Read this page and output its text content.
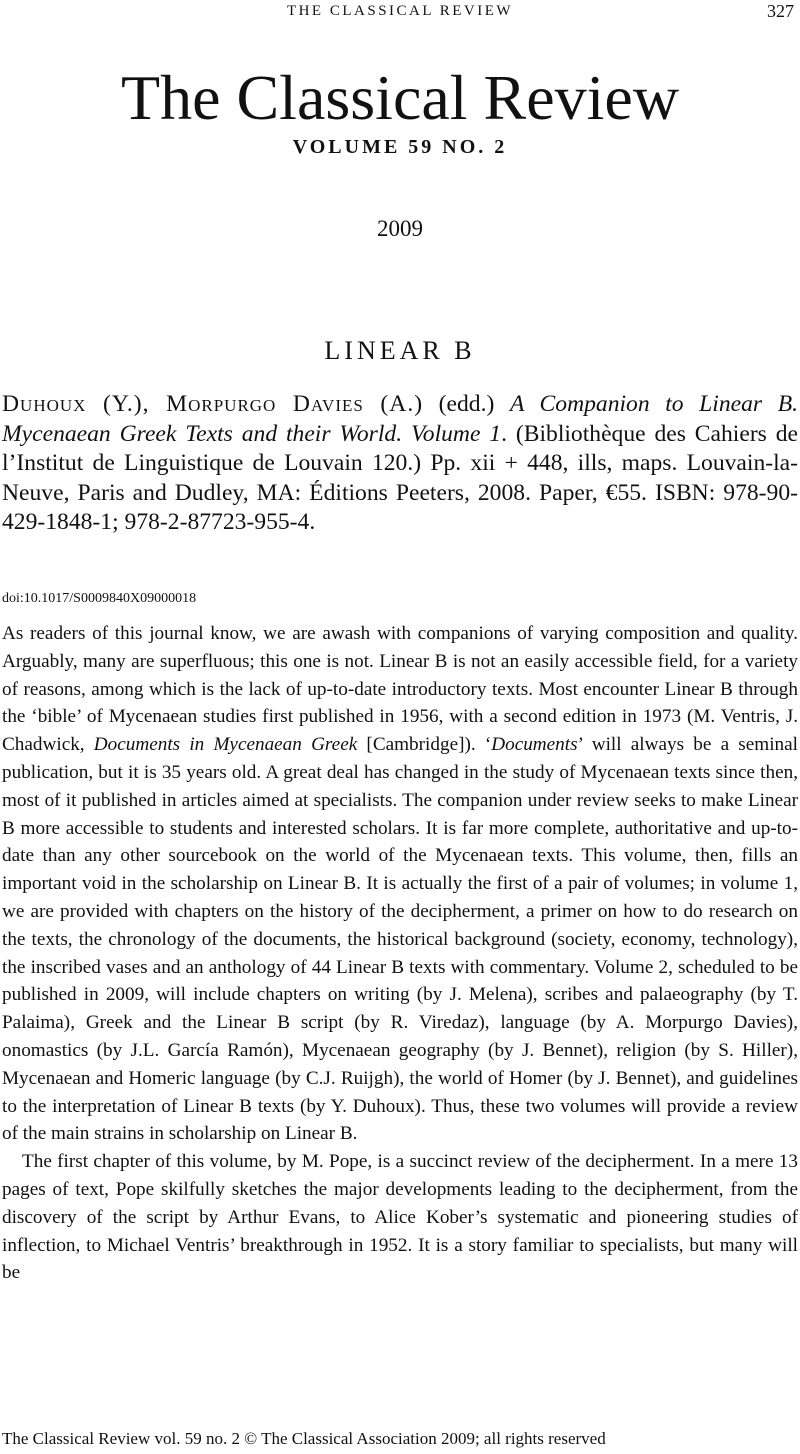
THE CLASSICAL REVIEW	327
The Classical Review
VOLUME 59 NO. 2
2009
LINEAR B

Duhoux (Y.), Morpurgo Davies (A.) (edd.) A Companion to Linear B. Mycenaean Greek Texts and their World. Volume 1. (Bibliothèque des Cahiers de l’Institut de Linguistique de Louvain 120.) Pp. xii + 448, ills, maps. Louvain-la-Neuve, Paris and Dudley, MA: Éditions Peeters, 2008. Paper, €55. ISBN: 978-90-429-1848-1; 978-2-87723-955-4.

doi:10.1017/S0009840X09000018

As readers of this journal know, we are awash with companions of varying composition and quality. Arguably, many are superfluous; this one is not. Linear B is not an easily accessible field, for a variety of reasons, among which is the lack of up-to-date introductory texts. Most encounter Linear B through the ‘bible’ of Mycenaean studies first published in 1956, with a second edition in 1973 (M. Ventris, J. Chadwick, Documents in Mycenaean Greek [Cambridge]). ‘Documents’ will always be a seminal publication, but it is 35 years old. A great deal has changed in the study of Mycenaean texts since then, most of it published in articles aimed at specialists. The companion under review seeks to make Linear B more accessible to students and interested scholars. It is far more complete, authoritative and up-to-date than any other sourcebook on the world of the Mycenaean texts. This volume, then, fills an important void in the scholarship on Linear B. It is actually the first of a pair of volumes; in volume 1, we are provided with chapters on the history of the decipherment, a primer on how to do research on the texts, the chronology of the documents, the historical background (society, economy, technology), the inscribed vases and an anthology of 44 Linear B texts with commentary. Volume 2, scheduled to be published in 2009, will include chapters on writing (by J. Melena), scribes and palaeography (by T. Palaima), Greek and the Linear B script (by R. Viredaz), language (by A. Morpurgo Davies), onomastics (by J.L. García Ramón), Mycenaean geography (by J. Bennet), religion (by S. Hiller), Mycenaean and Homeric language (by C.J. Ruijgh), the world of Homer (by J. Bennet), and guidelines to the interpretation of Linear B texts (by Y. Duhoux). Thus, these two volumes will provide a review of the main strains in scholarship on Linear B.

The first chapter of this volume, by M. Pope, is a succinct review of the decipherment. In a mere 13 pages of text, Pope skilfully sketches the major developments leading to the decipherment, from the discovery of the script by Arthur Evans, to Alice Kober’s systematic and pioneering studies of inflection, to Michael Ventris’ breakthrough in 1952. It is a story familiar to specialists, but many will be

The Classical Review vol. 59 no. 2 © The Classical Association 2009; all rights reserved
